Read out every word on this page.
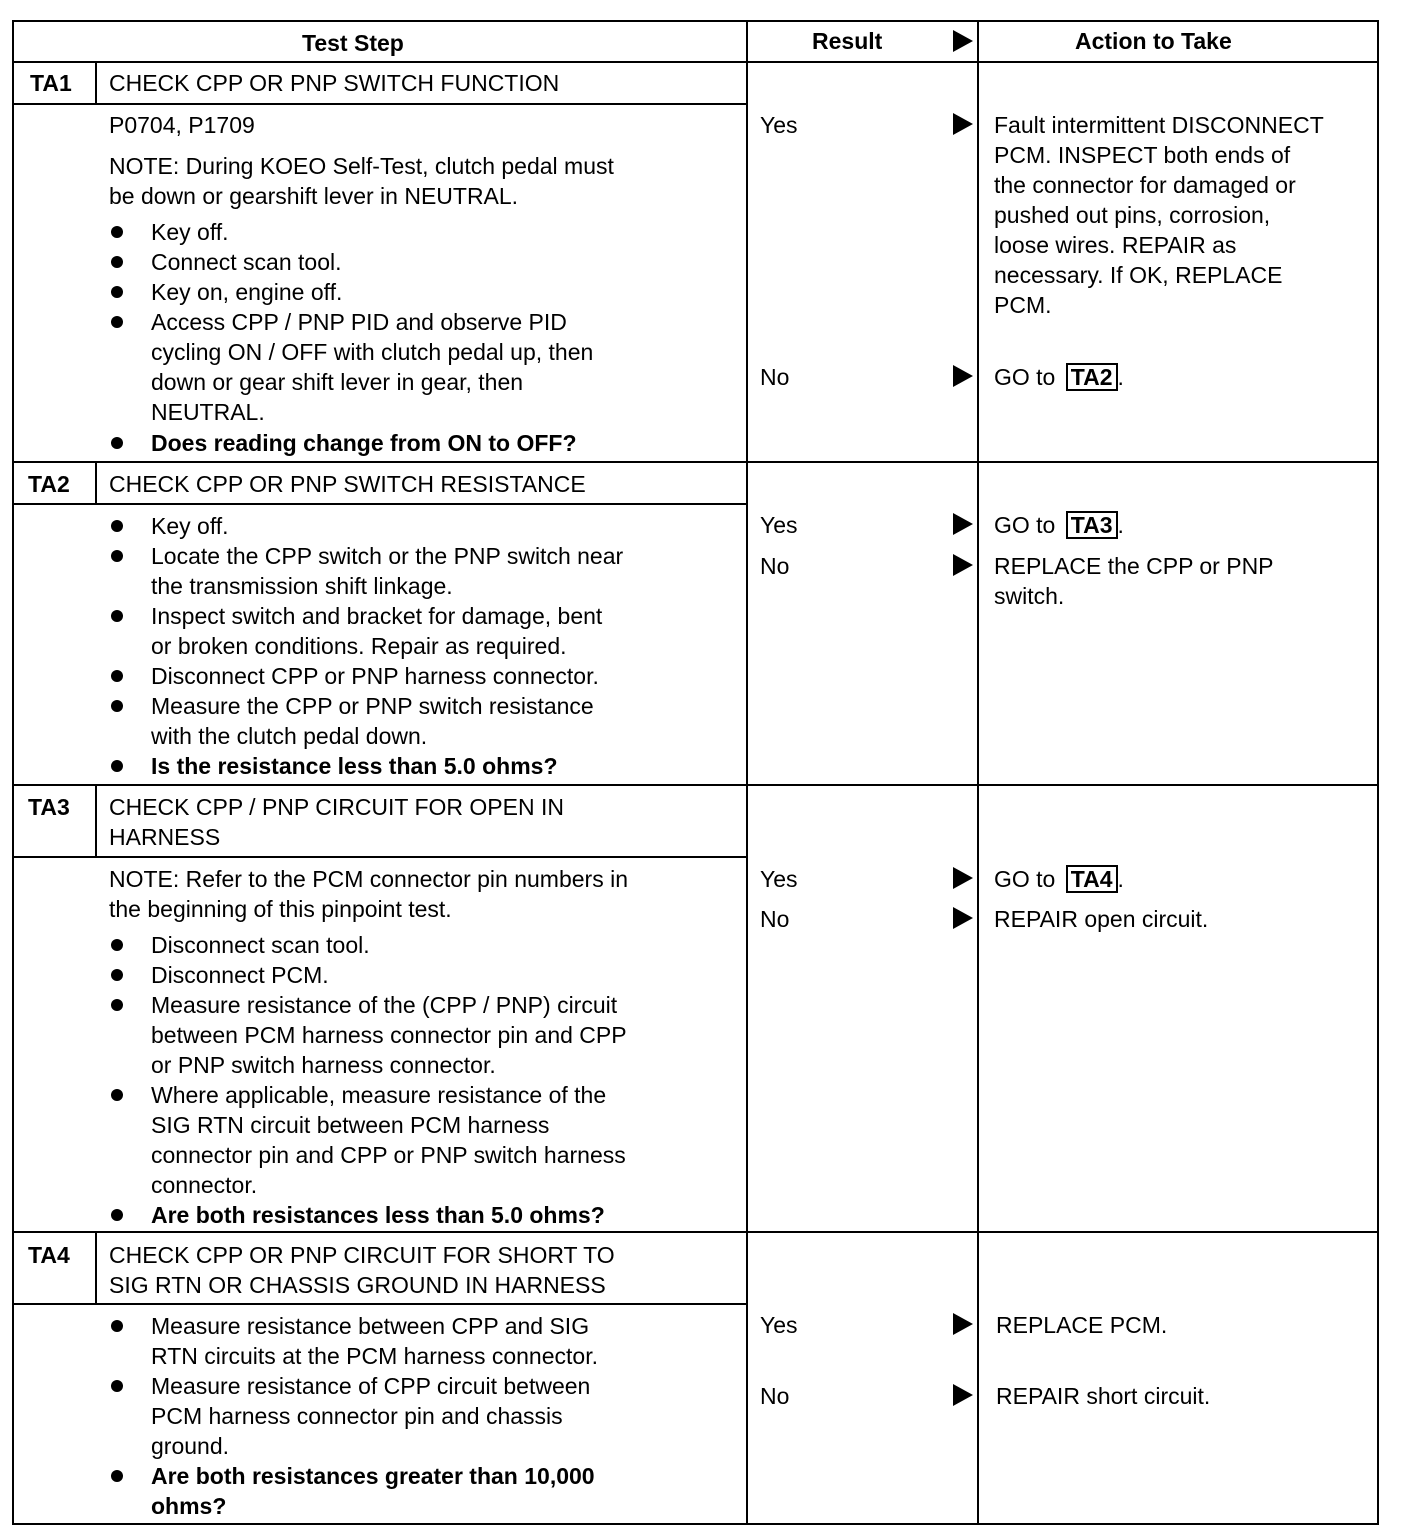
Test Step	Result	Action to Take
TA1 CHECK CPP OR PNP SWITCH FUNCTION
P0704, P1709
NOTE: During KOEO Self-Test, clutch pedal must
be down or gearshift lever in NEUTRAL.
Key off.
Connect scan tool.
Key on, engine off.
Access CPP / PNP PID and observe PID
cycling ON / OFF with clutch pedal up, then
down or gear shift lever in gear, then
NEUTRAL.
Does reading change from ON to OFF?
Yes	Fault intermittent DISCONNECT
PCM. INSPECT both ends of
the connector for damaged or
pushed out pins, corrosion,
loose wires. REPAIR as
necessary. If OK, REPLACE
PCM.
No	GO to TA2 .
TA2 CHECK CPP OR PNP SWITCH RESISTANCE
Key off.
Locate the CPP switch or the PNP switch near
the transmission shift linkage.
Inspect switch and bracket for damage, bent
or broken conditions. Repair as required.
Disconnect CPP or PNP harness connector.
Measure the CPP or PNP switch resistance
with the clutch pedal down.
Is the resistance less than 5.0 ohms?
Yes	GO to TA3 .
No	REPLACE the CPP or PNP
switch.
TA3 CHECK CPP / PNP CIRCUIT FOR OPEN IN
HARNESS
NOTE: Refer to the PCM connector pin numbers in
the beginning of this pinpoint test.
Disconnect scan tool.
Disconnect PCM.
Measure resistance of the (CPP / PNP) circuit
between PCM harness connector pin and CPP
or PNP switch harness connector.
Where applicable, measure resistance of the
SIG RTN circuit between PCM harness
connector pin and CPP or PNP switch harness
connector.
Are both resistances less than 5.0 ohms?
Yes	GO to TA4 .
No	REPAIR open circuit.
TA4 CHECK CPP OR PNP CIRCUIT FOR SHORT TO
SIG RTN OR CHASSIS GROUND IN HARNESS
Measure resistance between CPP and SIG
RTN circuits at the PCM harness connector.
Measure resistance of CPP circuit between
PCM harness connector pin and chassis
ground.
Are both resistances greater than 10,000
ohms?
Yes	REPLACE PCM.
No	REPAIR short circuit.
